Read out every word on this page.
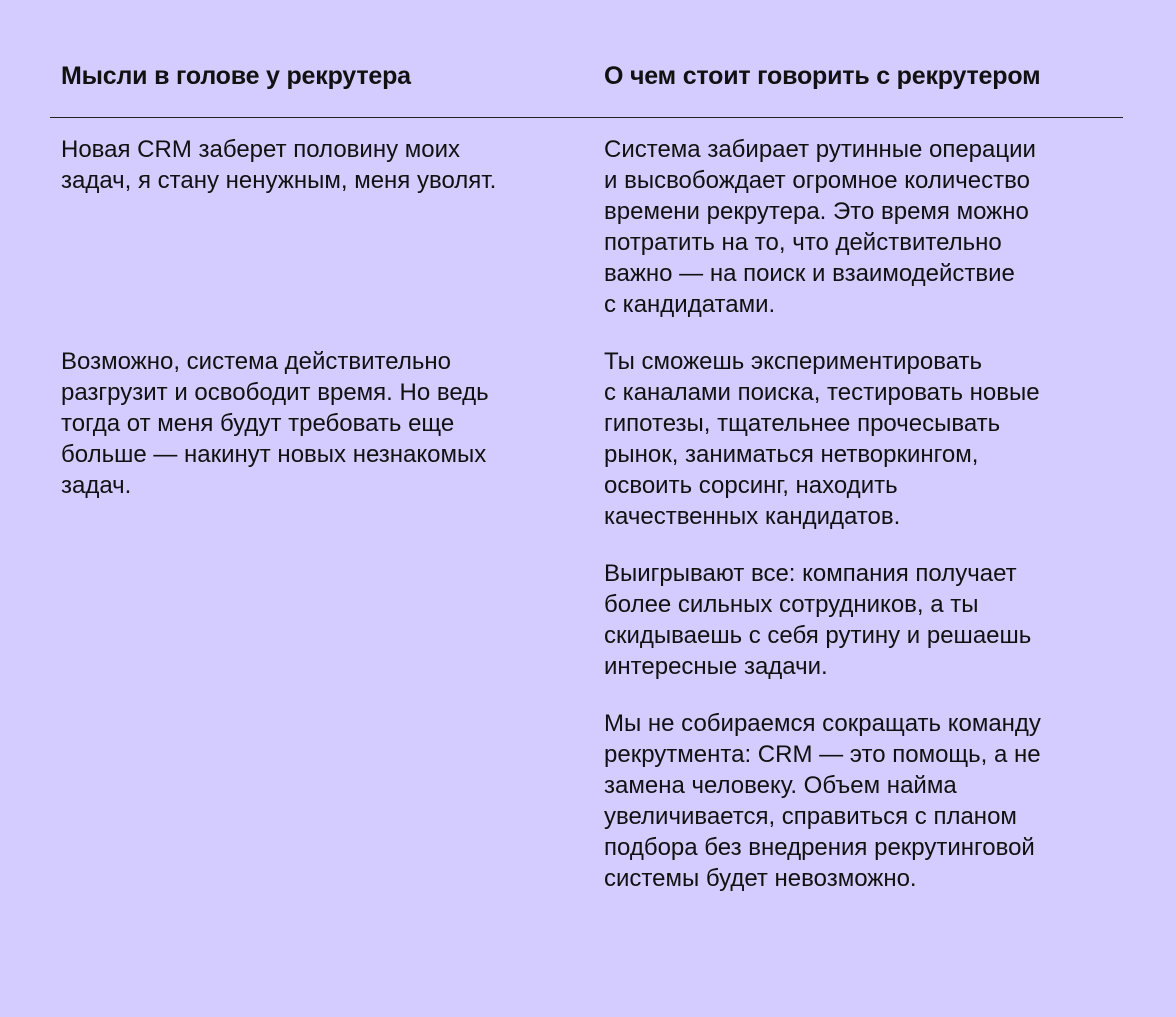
Мысли в голове у рекрутера	О чем стоит говорить с рекрутером

Новая CRM заберет половину моих
задач, я стану ненужным, меня уволят.

Система забирает рутинные операции
и высвобождает огромное количество
времени рекрутера. Это время можно
потратить на то, что действительно
важно — на поиск и взаимодействие
с кандидатами.

Возможно, система действительно
разгрузит и освободит время. Но ведь
тогда от меня будут требовать еще
больше — накинут новых незнакомых
задач.

Ты сможешь экспериментировать
с каналами поиска, тестировать новые
гипотезы, тщательнее прочесывать
рынок, заниматься нетворкингом,
освоить сорсинг, находить
качественных кандидатов.

Выигрывают все: компания получает
более сильных сотрудников, а ты
скидываешь с себя рутину и решаешь
интересные задачи.

Мы не собираемся сокращать команду
рекрутмента: CRM — это помощь, а не
замена человеку. Объем найма
увеличивается, справиться с планом
подбора без внедрения рекрутинговой
системы будет невозможно.
